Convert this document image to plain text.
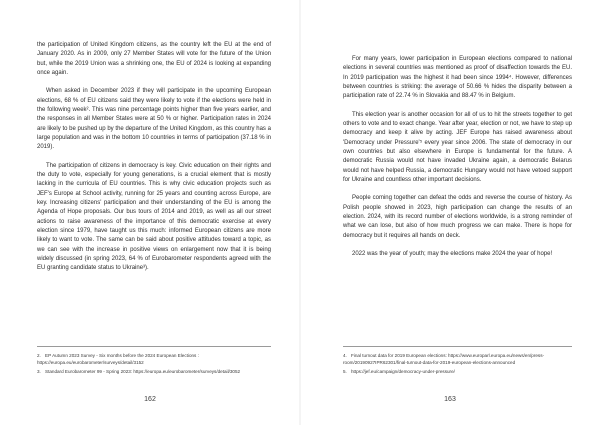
the participation of United Kingdom citizens, as the country left the EU at the end of January 2020. As in 2009, only 27 Member States will vote for the future of the Union but, while the 2019 Union was a shrinking one, the EU of 2024 is looking at expanding once again.

When asked in December 2023 if they will participate in the upcoming European elections, 68 % of EU citizens said they were likely to vote if the elections were held in the following week². This was nine percentage points higher than five years earlier, and the responses in all Member States were at 50 % or higher. Participation rates in 2024 are likely to be pushed up by the departure of the United Kingdom, as this country has a large population and was in the bottom 10 countries in terms of participation (37.18 % in 2019).

The participation of citizens in democracy is key. Civic education on their rights and the duty to vote, especially for young generations, is a crucial element that is mostly lacking in the curricula of EU countries. This is why civic education projects such as JEF's Europe at School activity, running for 25 years and counting across Europe, are key. Increasing citizens' participation and their understanding of the EU is among the Agenda of Hope proposals. Our bus tours of 2014 and 2019, as well as all our street actions to raise awareness of the importance of this democratic exercise at every election since 1979, have taught us this much: informed European citizens are more likely to want to vote. The same can be said about positive attitudes toward a topic, as we can see with the increase in positive views on enlargement now that it is being widely discussed (in spring 2023, 64 % of Eurobarometer respondents agreed with the EU granting candidate status to Ukraine³).

2. EP Autumn 2023 Survey - Six months before the 2024 European Elections : https://europa.eu/eurobarometer/surveys/detail/3152
3. Standard Eurobarometer 99 - Spring 2023: https://europa.eu/eurobarometer/surveys/detail/3052
162

For many years, lower participation in European elections compared to national elections in several countries was mentioned as proof of disaffection towards the EU. In 2019 participation was the highest it had been since 1994⁴. However, differences between countries is striking: the average of 50.66 % hides the disparity between a participation rate of 22.74 % in Slovakia and 88.47 % in Belgium.

This election year is another occasion for all of us to hit the streets together to get others to vote and to exact change. Year after year, election or not, we have to step up democracy and keep it alive by acting. JEF Europe has raised awareness about 'Democracy under Pressure'⁵ every year since 2006. The state of democracy in our own countries but also elsewhere in Europe is fundamental for the future. A democratic Russia would not have invaded Ukraine again, a democratic Belarus would not have helped Russia, a democratic Hungary would not have vetoed support for Ukraine and countless other important decisions.

People coming together can defeat the odds and reverse the course of history. As Polish people showed in 2023, high participation can change the results of an election. 2024, with its record number of elections worldwide, is a strong reminder of what we can lose, but also of how much progress we can make. There is hope for democracy but it requires all hands on deck.

2022 was the year of youth; may the elections make 2024 the year of hope!

4. Final turnout data for 2019 European elections: https://www.europarl.europa.eu/news/en/press-room/20190927IPR62301/final-turnout-data-for-2019-european-elections-announced
5. https://jef.eu/campaign/democracy-under-pressure/
163
